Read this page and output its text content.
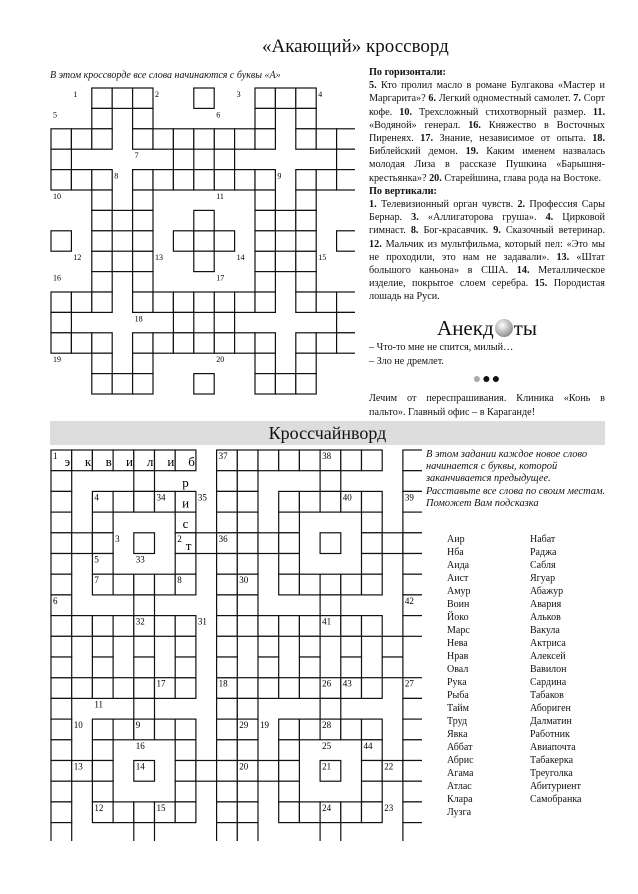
«Акающий» кроссворд
В этом кроссворде все слова начинаются с буквы «А»
1	2	3	4
5	6
7
8	9
10	11
12	13	14	15
16	17
18
19	20

По горизонтали:

5. Кто пролил масло в романе Булгакова «Мастер и Маргарита»? 6. Легкий одноместный самолет. 7. Сорт кофе. 10. Трехсложный стихотворный размер. 11. «Водяной» генерал. 16. Княжество в Восточных Пиренеях. 17. Знание, независимое от опыта. 18. Библейский демон. 19. Каким именем назвалась молодая Лиза в рассказе Пушкина «Барышня-крестьянка»? 20. Старейшина, глава рода на Востоке.

По вертикали:

1. Телевизионный орган чувств. 2. Профессия Сары Бернар. 3. «Аллигаторова груша». 4. Цирковой гимнаст. 8. Бог-красавчик. 9. Сказочный ветеринар. 12. Мальчик из мультфильма, который пел: «Это мы не проходили, это нам не задавали». 13. «Штат большого каньона» в США. 14. Металлическое изделие, покрытое слоем серебра. 15. Породистая лошадь на Руси.

Анекд ты
– Что-то мне не спится, милый…
– Зло не дремлет.
●●●
Лечим от переспрашивания. Клиника «Конь в пальто». Главный офис – в Караганде!
Кроссчайнворд
37	38
4	34	35	40	39
3	36
5	33
7	8	30
6	42
32	31	41
17	18	26 43	27
11
10	9	29 19	28
16	25	44
13	14	20	21	22
12	15	24	23
э к в и л и б
р
и
с
т
1
2
В этом задании каждое новое слово начинается с буквы, которой заканчивается предыдущее. Расставьте все слова по своим местам. Поможет Вам подсказка
Аир
Нба
Аида
Аист
Амур
Воин
Йоко
Марс
Нева
Нрав
Овал
Рука
Рыба
Тайм
Труд
Явка
Аббат
Абрис
Агама
Атлас
Клара
Лузга
Набат
Раджа
Сабля
Ягуар
Абажур
Авария
Альков
Вакула
Актриса
Алексей
Вавилон
Сардина
Табаков
Абориген
Далматин
Работник
Авиапочта
Табакерка
Треуголка
Абитуриент
Самобранка
